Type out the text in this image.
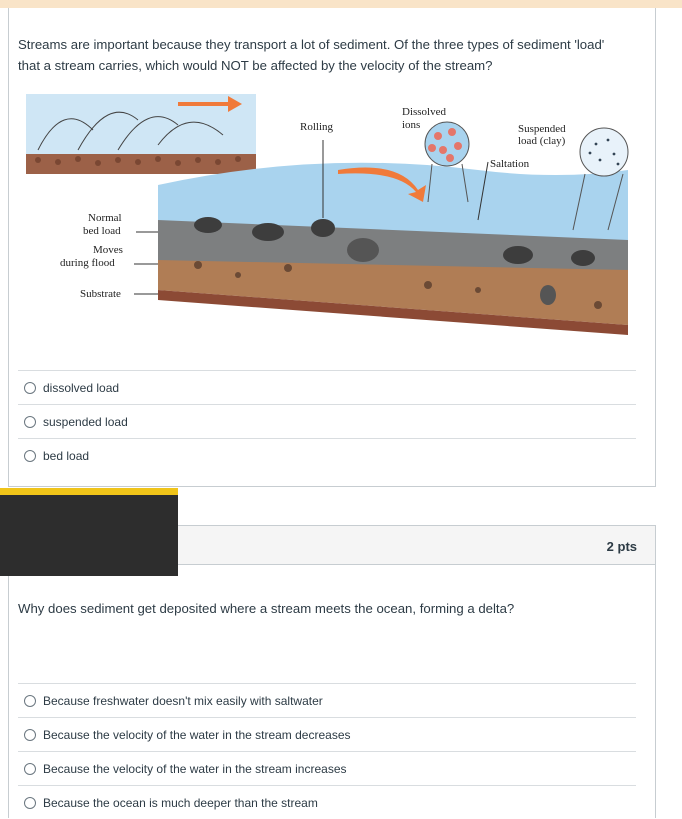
Streams are important because they transport a lot of sediment. Of the three types of sediment 'load' that a stream carries, which would NOT be affected by the velocity of the stream?
Rolling
Dissolved
ions	Suspended
load (clay)
Saltation
Normal
bed load
Moves
during flood
Substrate
dissolved load
suspended load
bed load
2 pts
Why does sediment get deposited where a stream meets the ocean, forming a delta?
Because freshwater doesn't mix easily with saltwater
Because the velocity of the water in the stream decreases
Because the velocity of the water in the stream increases
Because the ocean is much deeper than the stream
